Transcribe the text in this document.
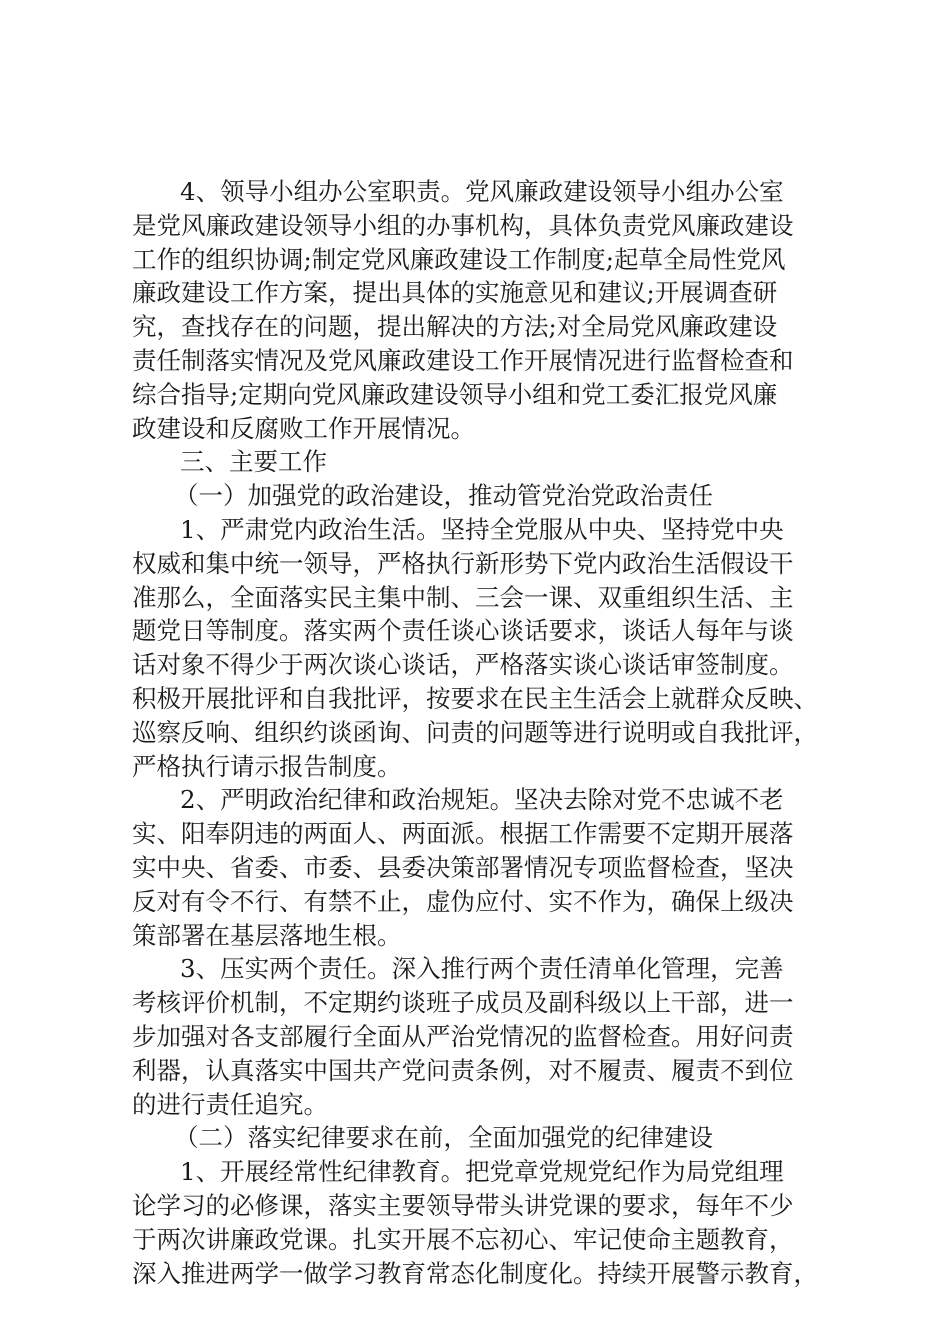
4、领导小组办公室职责。党风廉政建设领导小组办公室
是党风廉政建设领导小组的办事机构，具体负责党风廉政建设
工作的组织协调;制定党风廉政建设工作制度;起草全局性党风
廉政建设工作方案，提出具体的实施意见和建议;开展调查研
究，查找存在的问题，提出解决的方法;对全局党风廉政建设
责任制落实情况及党风廉政建设工作开展情况进行监督检查和
综合指导;定期向党风廉政建设领导小组和党工委汇报党风廉
政建设和反腐败工作开展情况。
三、主要工作
（一）加强党的政治建设，推动管党治党政治责任
1、严肃党内政治生活。坚持全党服从中央、坚持党中央
权威和集中统一领导，严格执行新形势下党内政治生活假设干
准那么，全面落实民主集中制、三会一课、双重组织生活、主
题党日等制度。落实两个责任谈心谈话要求，谈话人每年与谈
话对象不得少于两次谈心谈话，严格落实谈心谈话审签制度。
积极开展批评和自我批评，按要求在民主生活会上就群众反映、
巡察反响、组织约谈函询、问责的问题等进行说明或自我批评，
严格执行请示报告制度。
2、严明政治纪律和政治规矩。坚决去除对党不忠诚不老
实、阳奉阴违的两面人、两面派。根据工作需要不定期开展落
实中央、省委、市委、县委决策部署情况专项监督检查，坚决
反对有令不行、有禁不止，虚伪应付、实不作为，确保上级决
策部署在基层落地生根。
3、压实两个责任。深入推行两个责任清单化管理，完善
考核评价机制，不定期约谈班子成员及副科级以上干部，进一
步加强对各支部履行全面从严治党情况的监督检查。用好问责
利器，认真落实中国共产党问责条例，对不履责、履责不到位
的进行责任追究。
（二）落实纪律要求在前，全面加强党的纪律建设
1、开展经常性纪律教育。把党章党规党纪作为局党组理
论学习的必修课，落实主要领导带头讲党课的要求，每年不少
于两次讲廉政党课。扎实开展不忘初心、牢记使命主题教育，
深入推进两学一做学习教育常态化制度化。持续开展警示教育，
